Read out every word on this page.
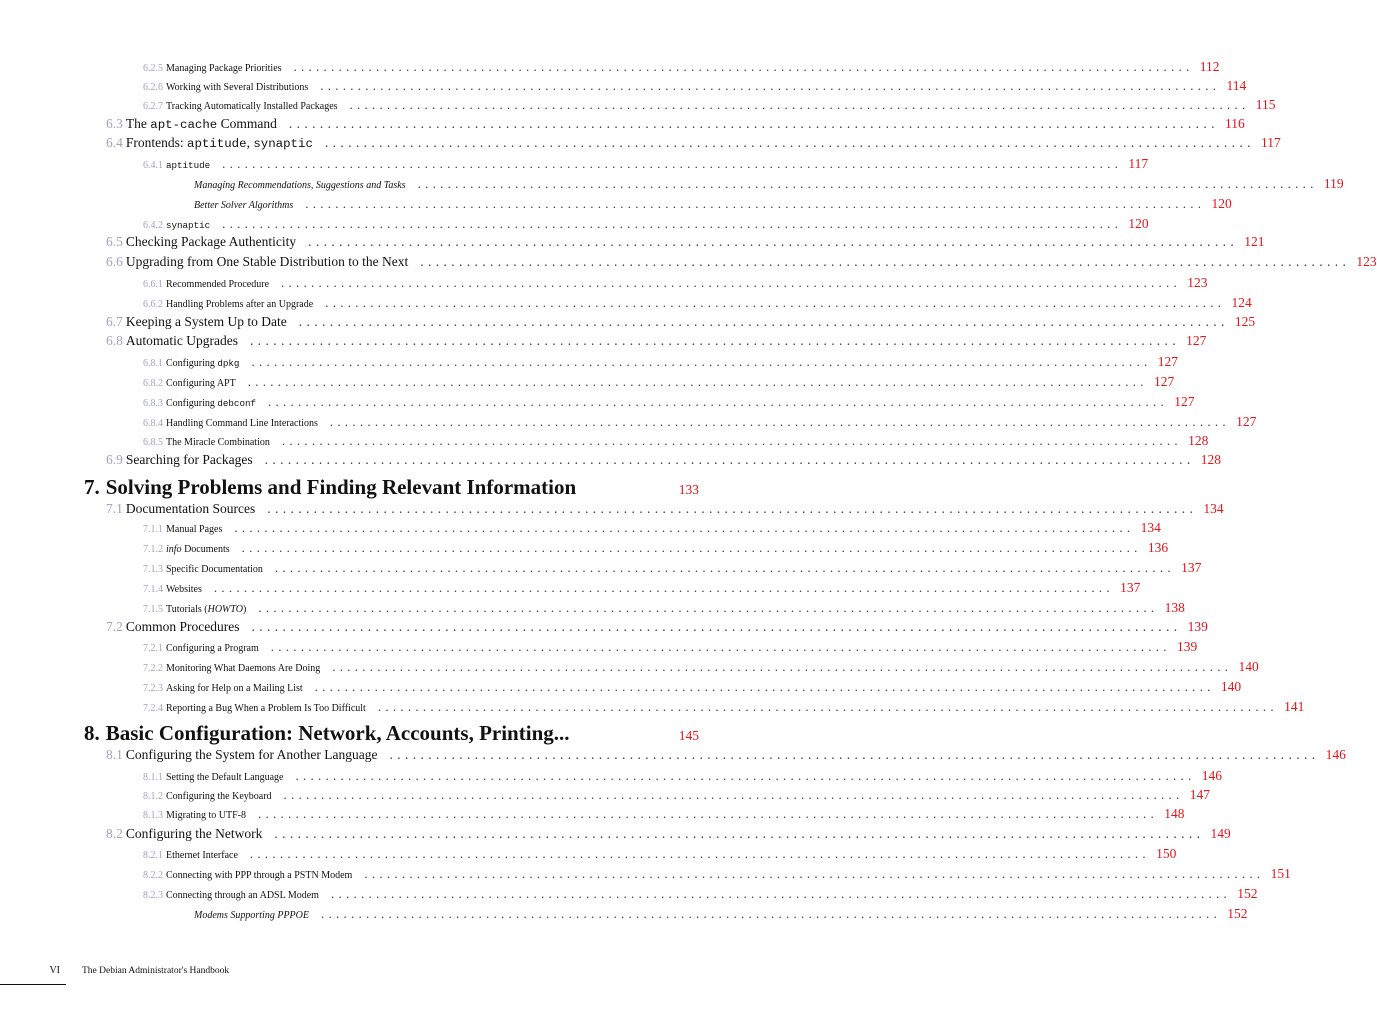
6.2.5 Managing Package Priorities . . . . . . . . . . . . . . . . . . . . . . . . . . . . . . . . . . . . . . . . . . . . . . . . . . . . . . . . . . . . . . . . . . . . . . . . . . . . . . . . . . . . . . . . . . . . . . . . . . . . . . . . . . . . . . . . . . . . . . . . 112
6.2.6 Working with Several Distributions . . . . . . . . . . . . . . . . . . . . . . . . . . . . . . . . . . . . . . . . . . . . . . . . . . . . . . . . . . . . . . . . . . . . . . . . . . . . . . . . . . . . . . . . . . . . . . . . . . . . . . . . . . . . . . . . . . . . . . . . 114
6.2.7 Tracking Automatically Installed Packages . . . . . . . . . . . . . . . . . . . . . . . . . . . . . . . . . . . . . . . . . . . . . . . . . . . . . . . . . . . . . . . . . . . . . . . . . . . . . . . . . . . . . . . . . . . . . . . . . . . . . . . . . . . . . . . . . . . . . . . . 115
6.3 The apt-cache Command . . . . . . . . . . . . . . . . . . . . . . . . . . . . . . . . . . . . . . . . . . . . . . . . . . . . . . . . . . . . . . . . . . . . . . . . . . . . . . . . . . . . . . . . . . . . . . . . . . . . . . . . . . . . . . . . . . . . . . . . 116
6.4 Frontends: aptitude, synaptic . . . . . . . . . . . . . . . . . . . . . . . . . . . . . . . . . . . . . . . . . . . . . . . . . . . . . . . . . . . . . . . . . . . . . . . . . . . . . . . . . . . . . . . . . . . . . . . . . . . . . . . . . . . . . . . . . . . . . . . . 117
6.4.1 aptitude . . . . . . . . . . . . . . . . . . . . . . . . . . . . . . . . . . . . . . . . . . . . . . . . . . . . . . . . . . . . . . . . . . . . . . . . . . . . . . . . . . . . . . . . . . . . . . . . . . . . . . . . . . . . . . . . . . . . . . . . 117
Managing Recommendations, Suggestions and Tasks . . . . . . . . . . . . . . . . . . . . . . . . . . . . . . . . . . . . . . . . . . . . . . . . . . . . . . . . . . . . . . . . . . . . . . . . . . . . . . . . . . . . . . . . . . . . . . . . . . . . . . . . . . . . . . . . . . . . . . . . 119
Better Solver Algorithms . . . . . . . . . . . . . . . . . . . . . . . . . . . . . . . . . . . . . . . . . . . . . . . . . . . . . . . . . . . . . . . . . . . . . . . . . . . . . . . . . . . . . . . . . . . . . . . . . . . . . . . . . . . . . . . . . . . . . . . . 120
6.4.2 synaptic . . . . . . . . . . . . . . . . . . . . . . . . . . . . . . . . . . . . . . . . . . . . . . . . . . . . . . . . . . . . . . . . . . . . . . . . . . . . . . . . . . . . . . . . . . . . . . . . . . . . . . . . . . . . . . . . . . . . . . . . 120
6.5 Checking Package Authenticity . . . . . . . . . . . . . . . . . . . . . . . . . . . . . . . . . . . . . . . . . . . . . . . . . . . . . . . . . . . . . . . . . . . . . . . . . . . . . . . . . . . . . . . . . . . . . . . . . . . . . . . . . . . . . . . . . . . . . . . . 121
6.6 Upgrading from One Stable Distribution to the Next . . . . . . . . . . . . . . . . . . . . . . . . . . . . . . . . . . . . . . . . . . . . . . . . . . . . . . . . . . . . . . . . . . . . . . . . . . . . . . . . . . . . . . . . . . . . . . . . . . . . . . . . . . . . . . . . . . . . . . . . 123
6.6.1 Recommended Procedure . . . . . . . . . . . . . . . . . . . . . . . . . . . . . . . . . . . . . . . . . . . . . . . . . . . . . . . . . . . . . . . . . . . . . . . . . . . . . . . . . . . . . . . . . . . . . . . . . . . . . . . . . . . . . . . . . . . . . . . . 123
6.6.2 Handling Problems after an Upgrade . . . . . . . . . . . . . . . . . . . . . . . . . . . . . . . . . . . . . . . . . . . . . . . . . . . . . . . . . . . . . . . . . . . . . . . . . . . . . . . . . . . . . . . . . . . . . . . . . . . . . . . . . . . . . . . . . . . . . . . . 124
6.7 Keeping a System Up to Date . . . . . . . . . . . . . . . . . . . . . . . . . . . . . . . . . . . . . . . . . . . . . . . . . . . . . . . . . . . . . . . . . . . . . . . . . . . . . . . . . . . . . . . . . . . . . . . . . . . . . . . . . . . . . . . . . . . . . . . . 125
6.8 Automatic Upgrades . . . . . . . . . . . . . . . . . . . . . . . . . . . . . . . . . . . . . . . . . . . . . . . . . . . . . . . . . . . . . . . . . . . . . . . . . . . . . . . . . . . . . . . . . . . . . . . . . . . . . . . . . . . . . . . . . . . . . . . . 127
6.8.1 Configuring dpkg . . . . . . . . . . . . . . . . . . . . . . . . . . . . . . . . . . . . . . . . . . . . . . . . . . . . . . . . . . . . . . . . . . . . . . . . . . . . . . . . . . . . . . . . . . . . . . . . . . . . . . . . . . . . . . . . . . . . . . . . 127
6.8.2 Configuring APT . . . . . . . . . . . . . . . . . . . . . . . . . . . . . . . . . . . . . . . . . . . . . . . . . . . . . . . . . . . . . . . . . . . . . . . . . . . . . . . . . . . . . . . . . . . . . . . . . . . . . . . . . . . . . . . . . . . . . . . . 127
6.8.3 Configuring debconf . . . . . . . . . . . . . . . . . . . . . . . . . . . . . . . . . . . . . . . . . . . . . . . . . . . . . . . . . . . . . . . . . . . . . . . . . . . . . . . . . . . . . . . . . . . . . . . . . . . . . . . . . . . . . . . . . . . . . . . . 127
6.8.4 Handling Command Line Interactions . . . . . . . . . . . . . . . . . . . . . . . . . . . . . . . . . . . . . . . . . . . . . . . . . . . . . . . . . . . . . . . . . . . . . . . . . . . . . . . . . . . . . . . . . . . . . . . . . . . . . . . . . . . . . . . . . . . . . . . . 127
6.8.5 The Miracle Combination . . . . . . . . . . . . . . . . . . . . . . . . . . . . . . . . . . . . . . . . . . . . . . . . . . . . . . . . . . . . . . . . . . . . . . . . . . . . . . . . . . . . . . . . . . . . . . . . . . . . . . . . . . . . . . . . . . . . . . . . 128
6.9 Searching for Packages . . . . . . . . . . . . . . . . . . . . . . . . . . . . . . . . . . . . . . . . . . . . . . . . . . . . . . . . . . . . . . . . . . . . . . . . . . . . . . . . . . . . . . . . . . . . . . . . . . . . . . . . . . . . . . . . . . . . . . . . 128
7. Solving Problems and Finding Relevant Information	133
7.1 Documentation Sources . . . . . . . . . . . . . . . . . . . . . . . . . . . . . . . . . . . . . . . . . . . . . . . . . . . . . . . . . . . . . . . . . . . . . . . . . . . . . . . . . . . . . . . . . . . . . . . . . . . . . . . . . . . . . . . . . . . . . . . . 134
7.1.1 Manual Pages . . . . . . . . . . . . . . . . . . . . . . . . . . . . . . . . . . . . . . . . . . . . . . . . . . . . . . . . . . . . . . . . . . . . . . . . . . . . . . . . . . . . . . . . . . . . . . . . . . . . . . . . . . . . . . . . . . . . . . . . 134
7.1.2 info Documents . . . . . . . . . . . . . . . . . . . . . . . . . . . . . . . . . . . . . . . . . . . . . . . . . . . . . . . . . . . . . . . . . . . . . . . . . . . . . . . . . . . . . . . . . . . . . . . . . . . . . . . . . . . . . . . . . . . . . . . . 136
7.1.3 Specific Documentation . . . . . . . . . . . . . . . . . . . . . . . . . . . . . . . . . . . . . . . . . . . . . . . . . . . . . . . . . . . . . . . . . . . . . . . . . . . . . . . . . . . . . . . . . . . . . . . . . . . . . . . . . . . . . . . . . . . . . . . . 137
7.1.4 Websites . . . . . . . . . . . . . . . . . . . . . . . . . . . . . . . . . . . . . . . . . . . . . . . . . . . . . . . . . . . . . . . . . . . . . . . . . . . . . . . . . . . . . . . . . . . . . . . . . . . . . . . . . . . . . . . . . . . . . . . . 137
7.1.5 Tutorials (HOWTO) . . . . . . . . . . . . . . . . . . . . . . . . . . . . . . . . . . . . . . . . . . . . . . . . . . . . . . . . . . . . . . . . . . . . . . . . . . . . . . . . . . . . . . . . . . . . . . . . . . . . . . . . . . . . . . . . . . . . . . . . 138
7.2 Common Procedures . . . . . . . . . . . . . . . . . . . . . . . . . . . . . . . . . . . . . . . . . . . . . . . . . . . . . . . . . . . . . . . . . . . . . . . . . . . . . . . . . . . . . . . . . . . . . . . . . . . . . . . . . . . . . . . . . . . . . . . . 139
7.2.1 Configuring a Program . . . . . . . . . . . . . . . . . . . . . . . . . . . . . . . . . . . . . . . . . . . . . . . . . . . . . . . . . . . . . . . . . . . . . . . . . . . . . . . . . . . . . . . . . . . . . . . . . . . . . . . . . . . . . . . . . . . . . . . . 139
7.2.2 Monitoring What Daemons Are Doing . . . . . . . . . . . . . . . . . . . . . . . . . . . . . . . . . . . . . . . . . . . . . . . . . . . . . . . . . . . . . . . . . . . . . . . . . . . . . . . . . . . . . . . . . . . . . . . . . . . . . . . . . . . . . . . . . . . . . . . . 140
7.2.3 Asking for Help on a Mailing List . . . . . . . . . . . . . . . . . . . . . . . . . . . . . . . . . . . . . . . . . . . . . . . . . . . . . . . . . . . . . . . . . . . . . . . . . . . . . . . . . . . . . . . . . . . . . . . . . . . . . . . . . . . . . . . . . . . . . . . . 140
7.2.4 Reporting a Bug When a Problem Is Too Difficult . . . . . . . . . . . . . . . . . . . . . . . . . . . . . . . . . . . . . . . . . . . . . . . . . . . . . . . . . . . . . . . . . . . . . . . . . . . . . . . . . . . . . . . . . . . . . . . . . . . . . . . . . . . . . . . . . . . . . . . . 141
8. Basic Configuration: Network, Accounts, Printing...	145
8.1 Configuring the System for Another Language . . . . . . . . . . . . . . . . . . . . . . . . . . . . . . . . . . . . . . . . . . . . . . . . . . . . . . . . . . . . . . . . . . . . . . . . . . . . . . . . . . . . . . . . . . . . . . . . . . . . . . . . . . . . . . . . . . . . . . . . 146
8.1.1 Setting the Default Language . . . . . . . . . . . . . . . . . . . . . . . . . . . . . . . . . . . . . . . . . . . . . . . . . . . . . . . . . . . . . . . . . . . . . . . . . . . . . . . . . . . . . . . . . . . . . . . . . . . . . . . . . . . . . . . . . . . . . . . . 146
8.1.2 Configuring the Keyboard . . . . . . . . . . . . . . . . . . . . . . . . . . . . . . . . . . . . . . . . . . . . . . . . . . . . . . . . . . . . . . . . . . . . . . . . . . . . . . . . . . . . . . . . . . . . . . . . . . . . . . . . . . . . . . . . . . . . . . . . 147
8.1.3 Migrating to UTF-8 . . . . . . . . . . . . . . . . . . . . . . . . . . . . . . . . . . . . . . . . . . . . . . . . . . . . . . . . . . . . . . . . . . . . . . . . . . . . . . . . . . . . . . . . . . . . . . . . . . . . . . . . . . . . . . . . . . . . . . . . 148
8.2 Configuring the Network . . . . . . . . . . . . . . . . . . . . . . . . . . . . . . . . . . . . . . . . . . . . . . . . . . . . . . . . . . . . . . . . . . . . . . . . . . . . . . . . . . . . . . . . . . . . . . . . . . . . . . . . . . . . . . . . . . . . . . . . 149
8.2.1 Ethernet Interface . . . . . . . . . . . . . . . . . . . . . . . . . . . . . . . . . . . . . . . . . . . . . . . . . . . . . . . . . . . . . . . . . . . . . . . . . . . . . . . . . . . . . . . . . . . . . . . . . . . . . . . . . . . . . . . . . . . . . . . . 150
8.2.2 Connecting with PPP through a PSTN Modem . . . . . . . . . . . . . . . . . . . . . . . . . . . . . . . . . . . . . . . . . . . . . . . . . . . . . . . . . . . . . . . . . . . . . . . . . . . . . . . . . . . . . . . . . . . . . . . . . . . . . . . . . . . . . . . . . . . . . . . . 151
8.2.3 Connecting through an ADSL Modem . . . . . . . . . . . . . . . . . . . . . . . . . . . . . . . . . . . . . . . . . . . . . . . . . . . . . . . . . . . . . . . . . . . . . . . . . . . . . . . . . . . . . . . . . . . . . . . . . . . . . . . . . . . . . . . . . . . . . . . . 152
Modems Supporting PPPOE . . . . . . . . . . . . . . . . . . . . . . . . . . . . . . . . . . . . . . . . . . . . . . . . . . . . . . . . . . . . . . . . . . . . . . . . . . . . . . . . . . . . . . . . . . . . . . . . . . . . . . . . . . . . . . . . . . . . . . . . 152
VI The Debian Administrator's Handbook
